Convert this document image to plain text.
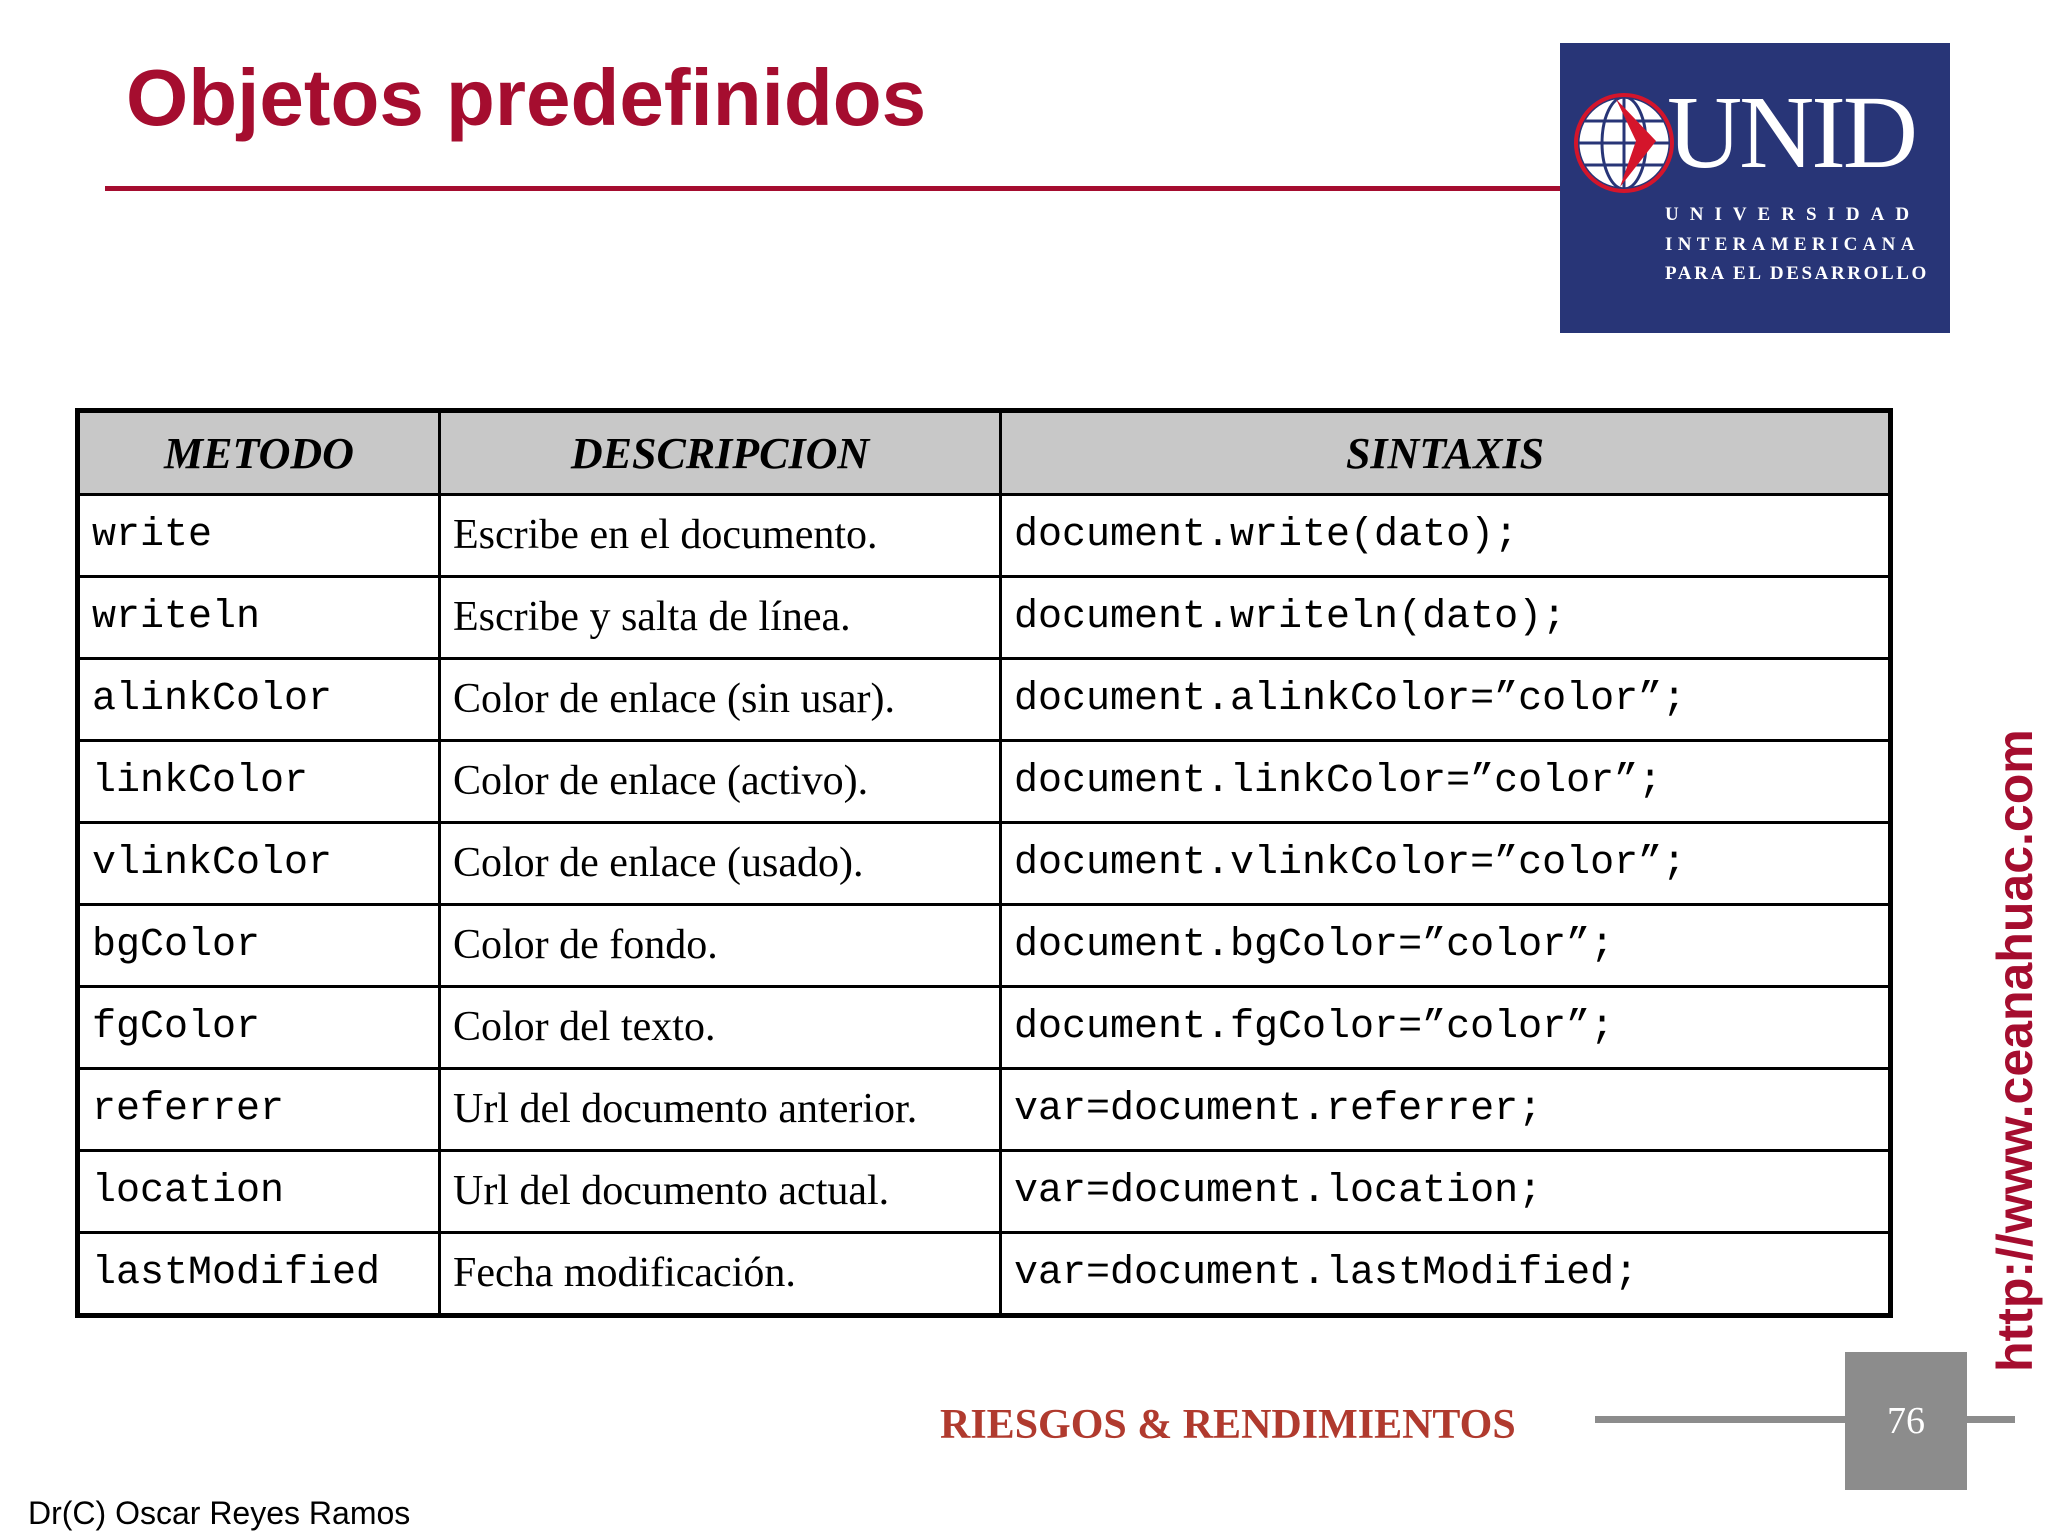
Objetos predefinidos	UNID
UNIVERSIDAD
INTERAMERICANA
PARA EL DESARROLLO
METODO	DESCRIPCION	SINTAXIS
write	Escribe en el documento.	document.write(dato);
writeln	Escribe y salta de línea.	document.writeln(dato);
alinkColor	Color de enlace (sin usar).	document.alinkColor=”color”;
linkColor	Color de enlace (activo).	document.linkColor=”color”;
vlinkColor	Color de enlace (usado).	document.vlinkColor=”color”;
bgColor	Color de fondo.	document.bgColor=”color”;
fgColor	Color del texto.	document.fgColor=”color”;
referrer	Url del documento anterior.	var=document.referrer;
location	Url del documento actual.	var=document.location;
lastModified	Fecha modificación.	var=document.lastModified;	http://www.ceanahuac.com
RIESGOS & RENDIMIENTOS	76
Dr(C) Oscar Reyes Ramos
